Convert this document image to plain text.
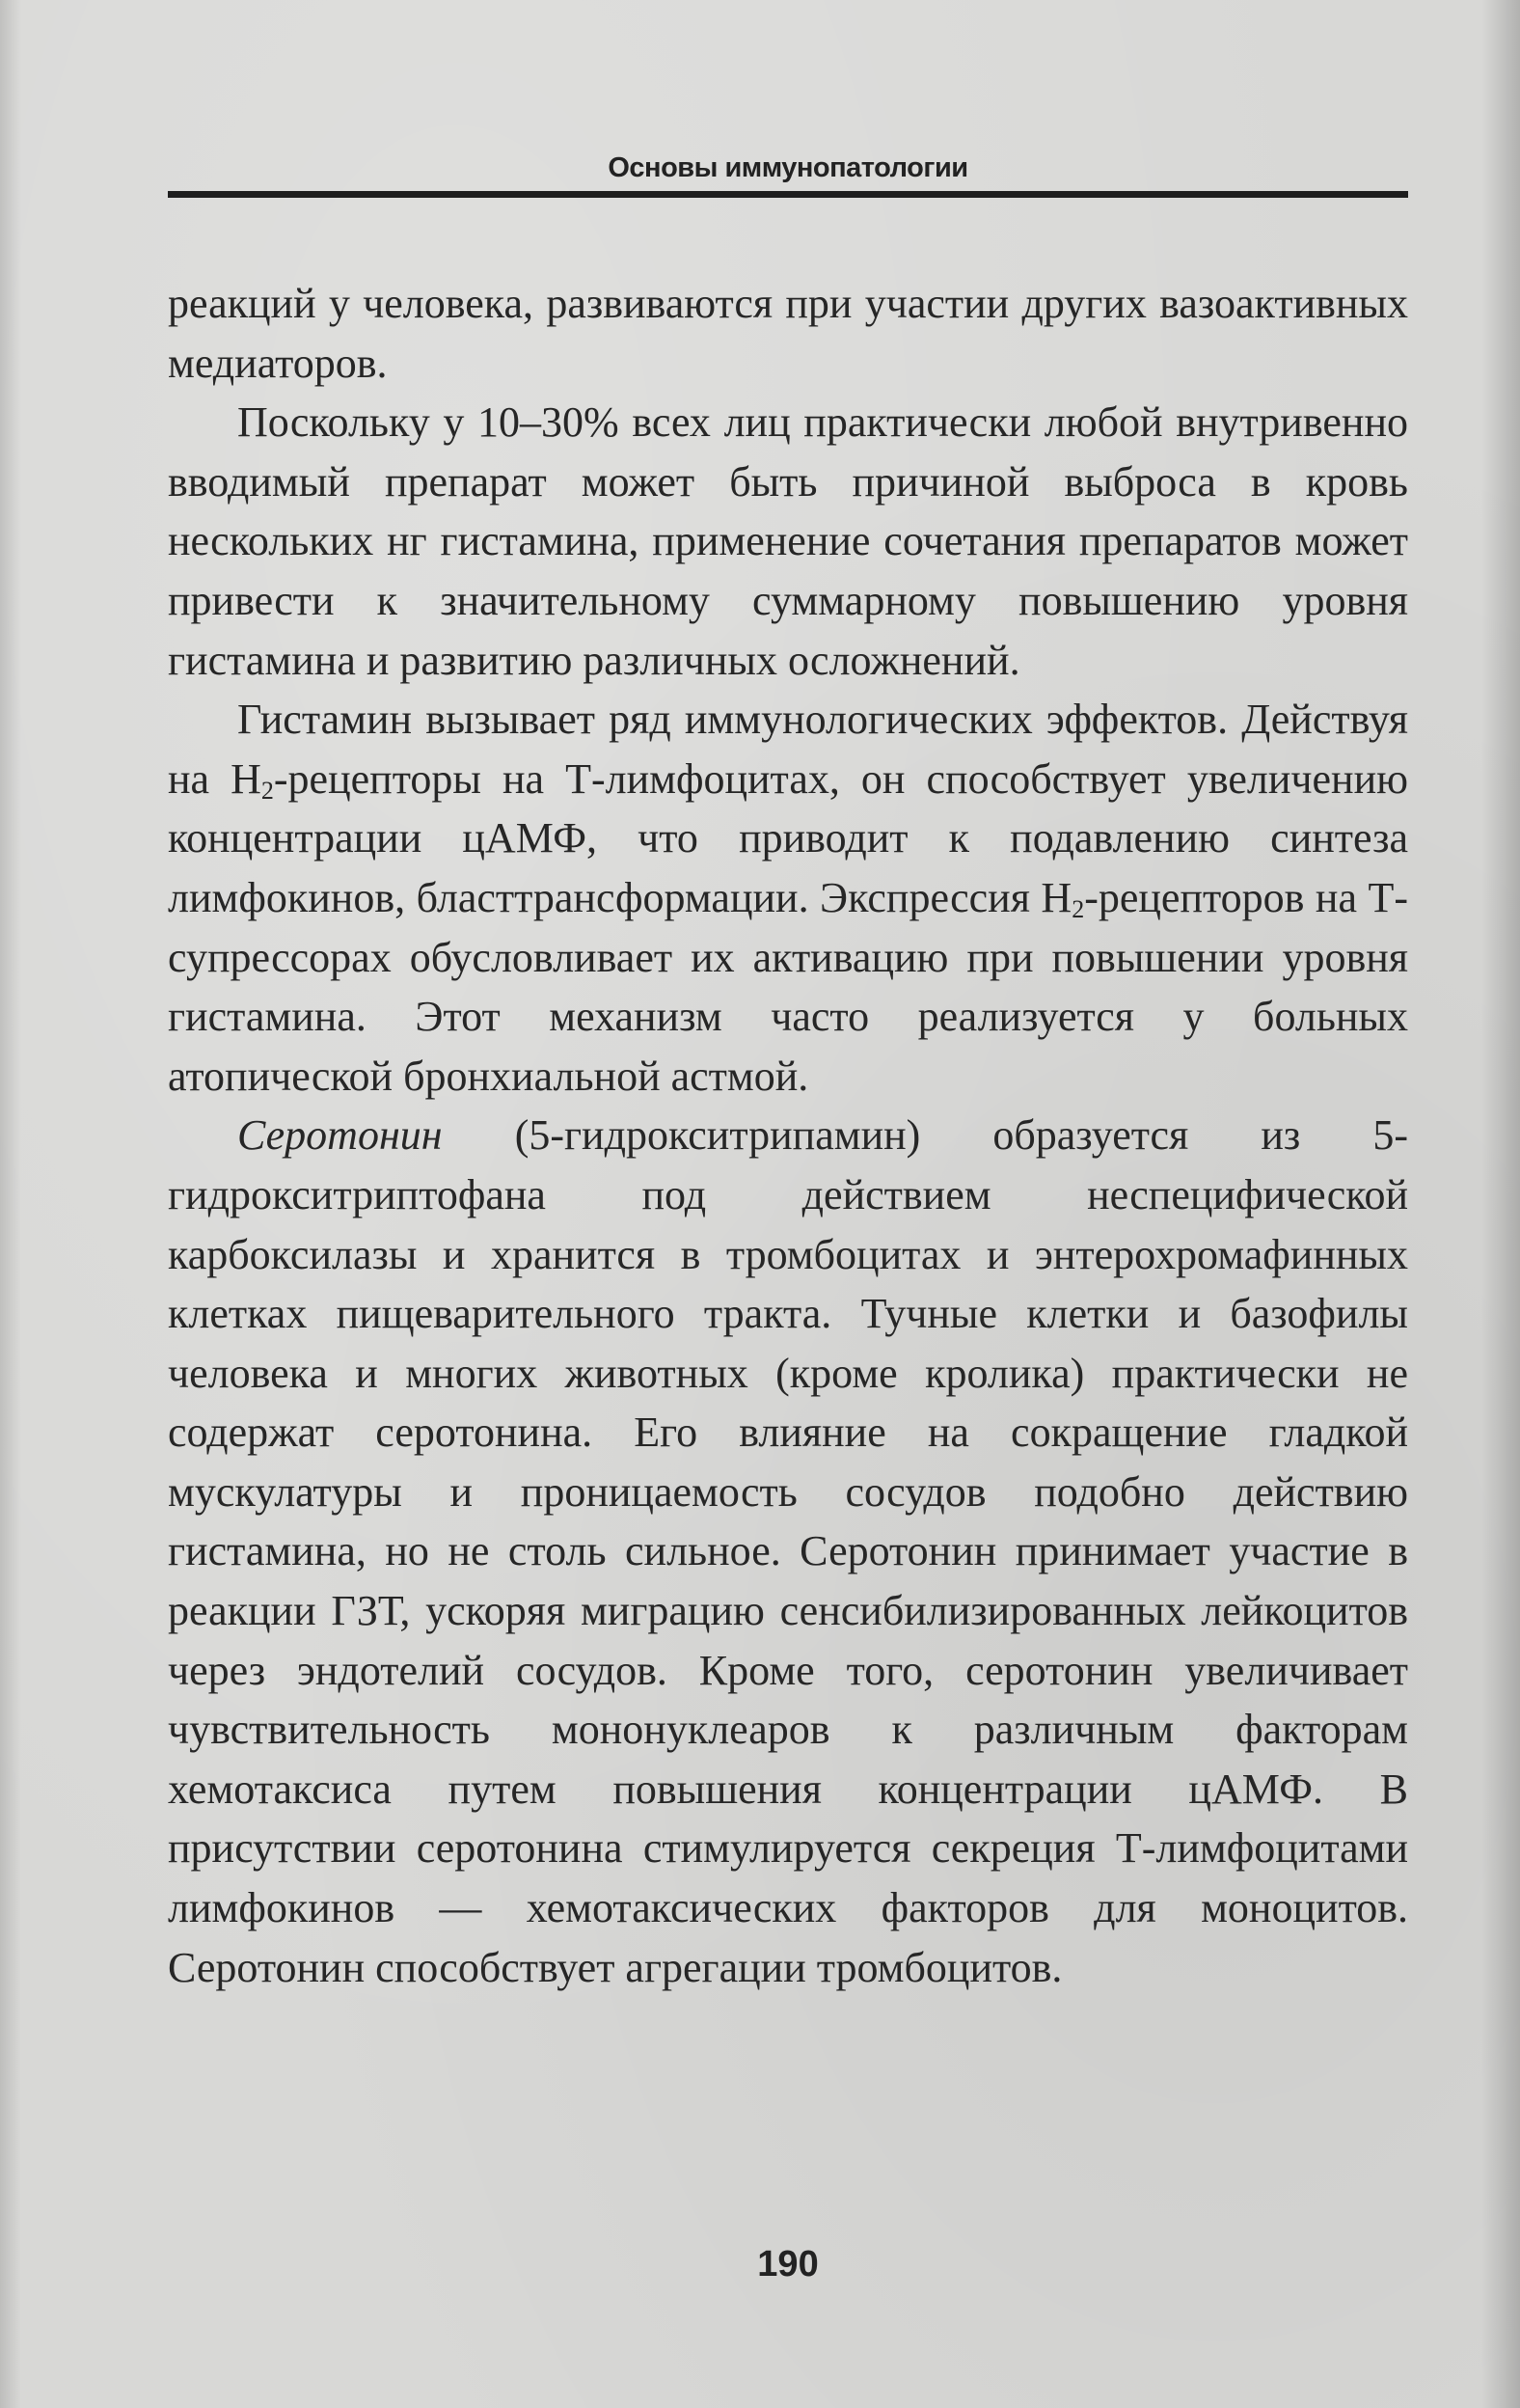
Основы иммунопатологии

реакций у человека, развиваются при участии других вазоактивных медиаторов.

Поскольку у 10–30% всех лиц практически любой внутривенно вводимый препарат может быть причиной выброса в кровь нескольких нг гистамина, применение сочетания препаратов может привести к значительному суммарному повышению уровня гистамина и развитию различных осложнений.

Гистамин вызывает ряд иммунологических эффектов. Действуя на $H_2$-рецепторы на Т-лимфоцитах, он способствует увеличению концентрации цАМФ, что приводит к подавлению синтеза лимфокинов, бласттрансформации. Экспрессия $H_2$-рецепторов на Т-супрессорах обусловливает их активацию при повышении уровня гистамина. Этот механизм часто реализуется у больных атопической бронхиальной астмой.

Серотонин (5-гидрокситрипамин) образуется из 5-гидрокситриптофана под действием неспецифической карбоксилазы и хранится в тромбоцитах и энтерохромафинных клетках пищеварительного тракта. Тучные клетки и базофилы человека и многих животных (кроме кролика) практически не содержат серотонина. Его влияние на сокращение гладкой мускулатуры и проницаемость сосудов подобно действию гистамина, но не столь сильное. Серотонин принимает участие в реакции ГЗТ, ускоряя миграцию сенсибилизированных лейкоцитов через эндотелий сосудов. Кроме того, серотонин увеличивает чувствительность мононуклеаров к различным факторам хемотаксиса путем повышения концентрации цАМФ. В присутствии серотонина стимулируется секреция Т-лимфоцитами лимфокинов — хемотаксических факторов для моноцитов. Серотонин способствует агрегации тромбоцитов.

190
